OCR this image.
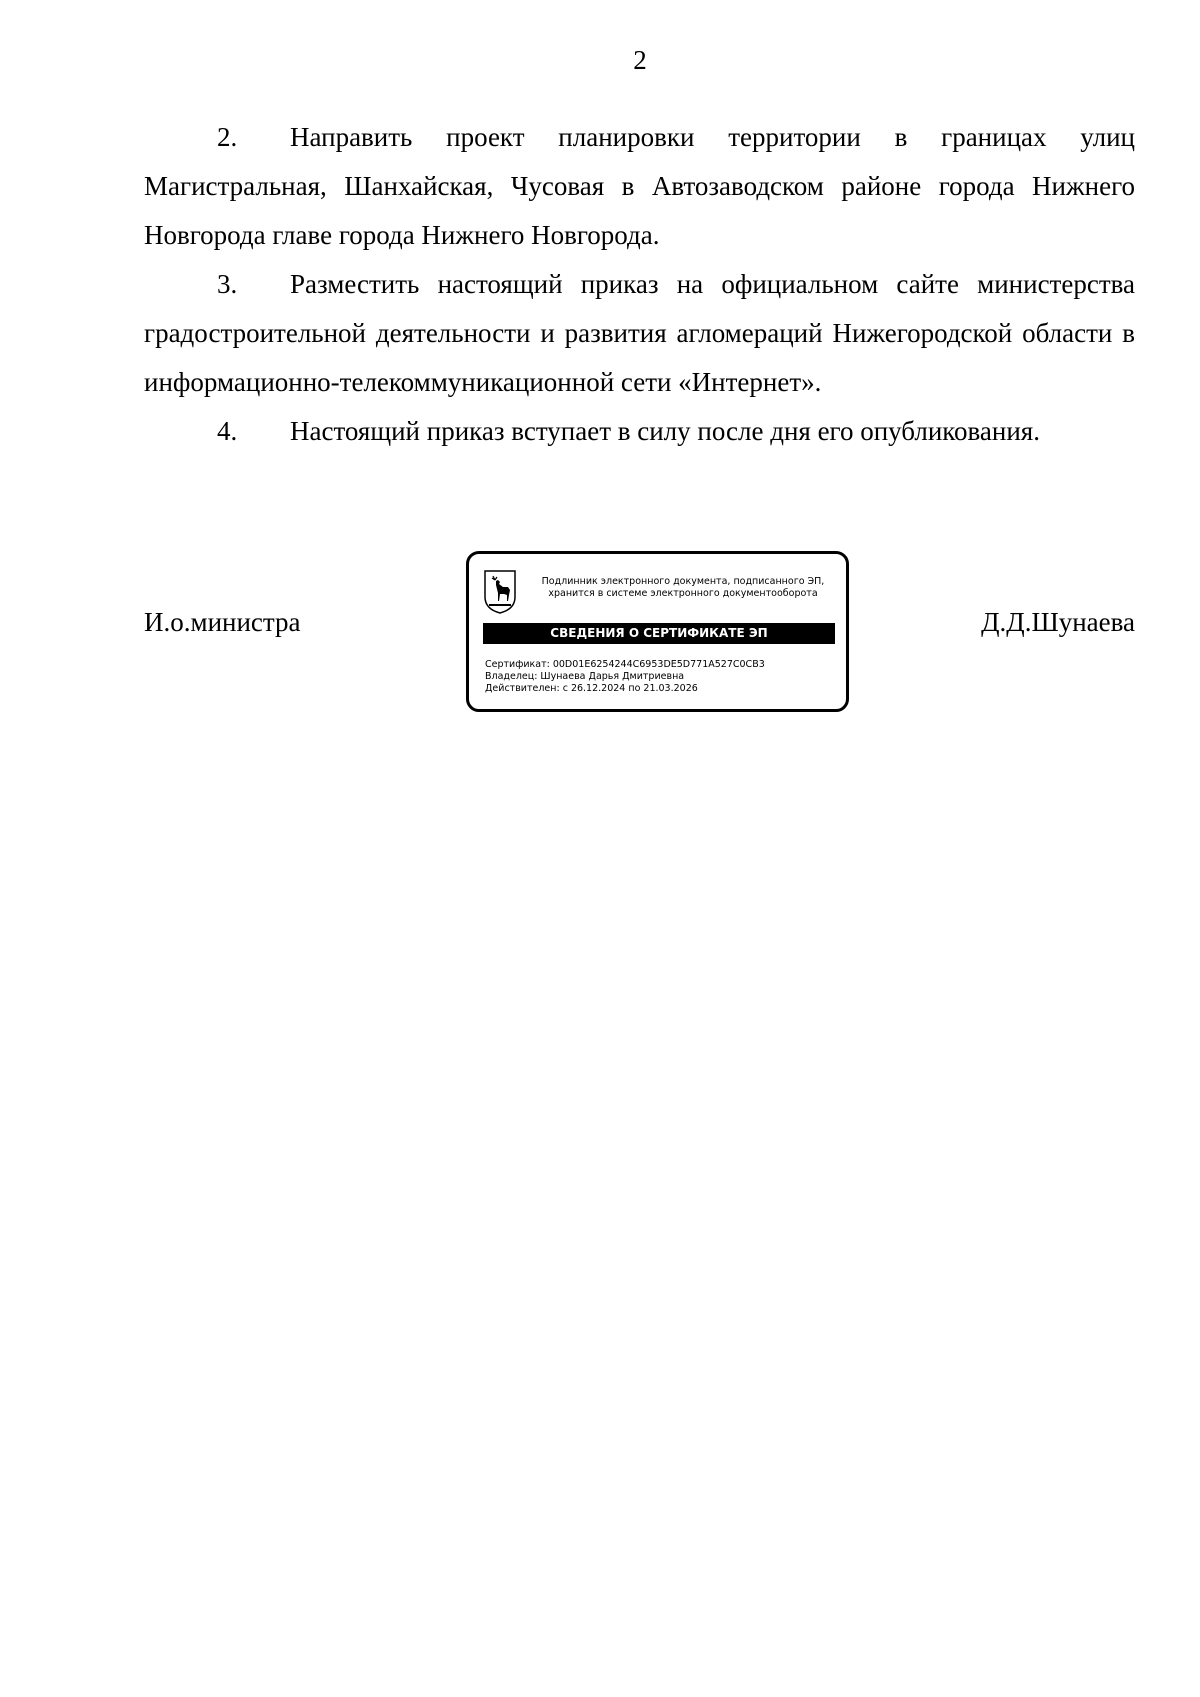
2

2. Направить проект планировки территории в границах улиц Магистральная, Шанхайская, Чусовая в Автозаводском районе города Нижнего Новгорода главе города Нижнего Новгорода.

3. Разместить настоящий приказ на официальном сайте министерства градостроительной деятельности и развития агломераций Нижегородской области в информационно-телекоммуникационной сети «Интернет».

4. Настоящий приказ вступает в силу после дня его опубликования.

И.о.министра
Подлинник электронного документа, подписанного ЭП,
хранится в системе электронного документооборота
СВЕДЕНИЯ О СЕРТИФИКАТЕ ЭП
Сертификат: 00D01E6254244C6953DE5D771A527C0CB3
Владелец: Шунаева Дарья Дмитриевна
Действителен: с 26.12.2024 по 21.03.2026
Д.Д.Шунаева
